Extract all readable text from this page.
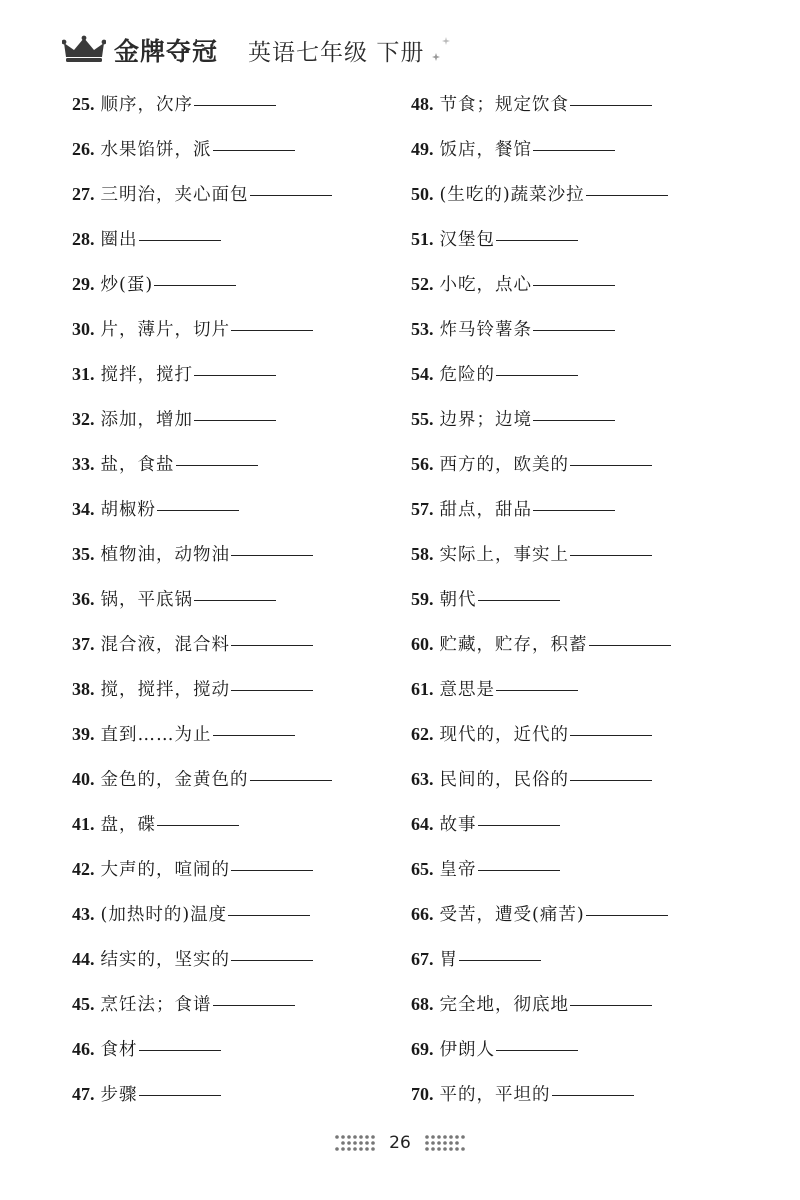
金牌夺冠 英语七年级 下册
25. 顺序，次序
26. 水果馅饼，派
27. 三明治，夹心面包
28. 圈出
29. 炒(蛋)
30. 片，薄片，切片
31. 搅拌，搅打
32. 添加，增加
33. 盐，食盐
34. 胡椒粉
35. 植物油，动物油
36. 锅，平底锅
37. 混合液，混合料
38. 搅，搅拌，搅动
39. 直到……为止
40. 金色的，金黄色的
41. 盘，碟
42. 大声的，喧闹的
43. (加热时的)温度
44. 结实的，坚实的
45. 烹饪法；食谱
46. 食材
47. 步骤
48. 节食；规定饮食
49. 饭店，餐馆
50. (生吃的)蔬菜沙拉
51. 汉堡包
52. 小吃，点心
53. 炸马铃薯条
54. 危险的
55. 边界；边境
56. 西方的，欧美的
57. 甜点，甜品
58. 实际上，事实上
59. 朝代
60. 贮藏，贮存，积蓄
61. 意思是
62. 现代的，近代的
63. 民间的，民俗的
64. 故事
65. 皇帝
66. 受苦，遭受(痛苦)
67. 胃
68. 完全地，彻底地
69. 伊朗人
70. 平的，平坦的
26
